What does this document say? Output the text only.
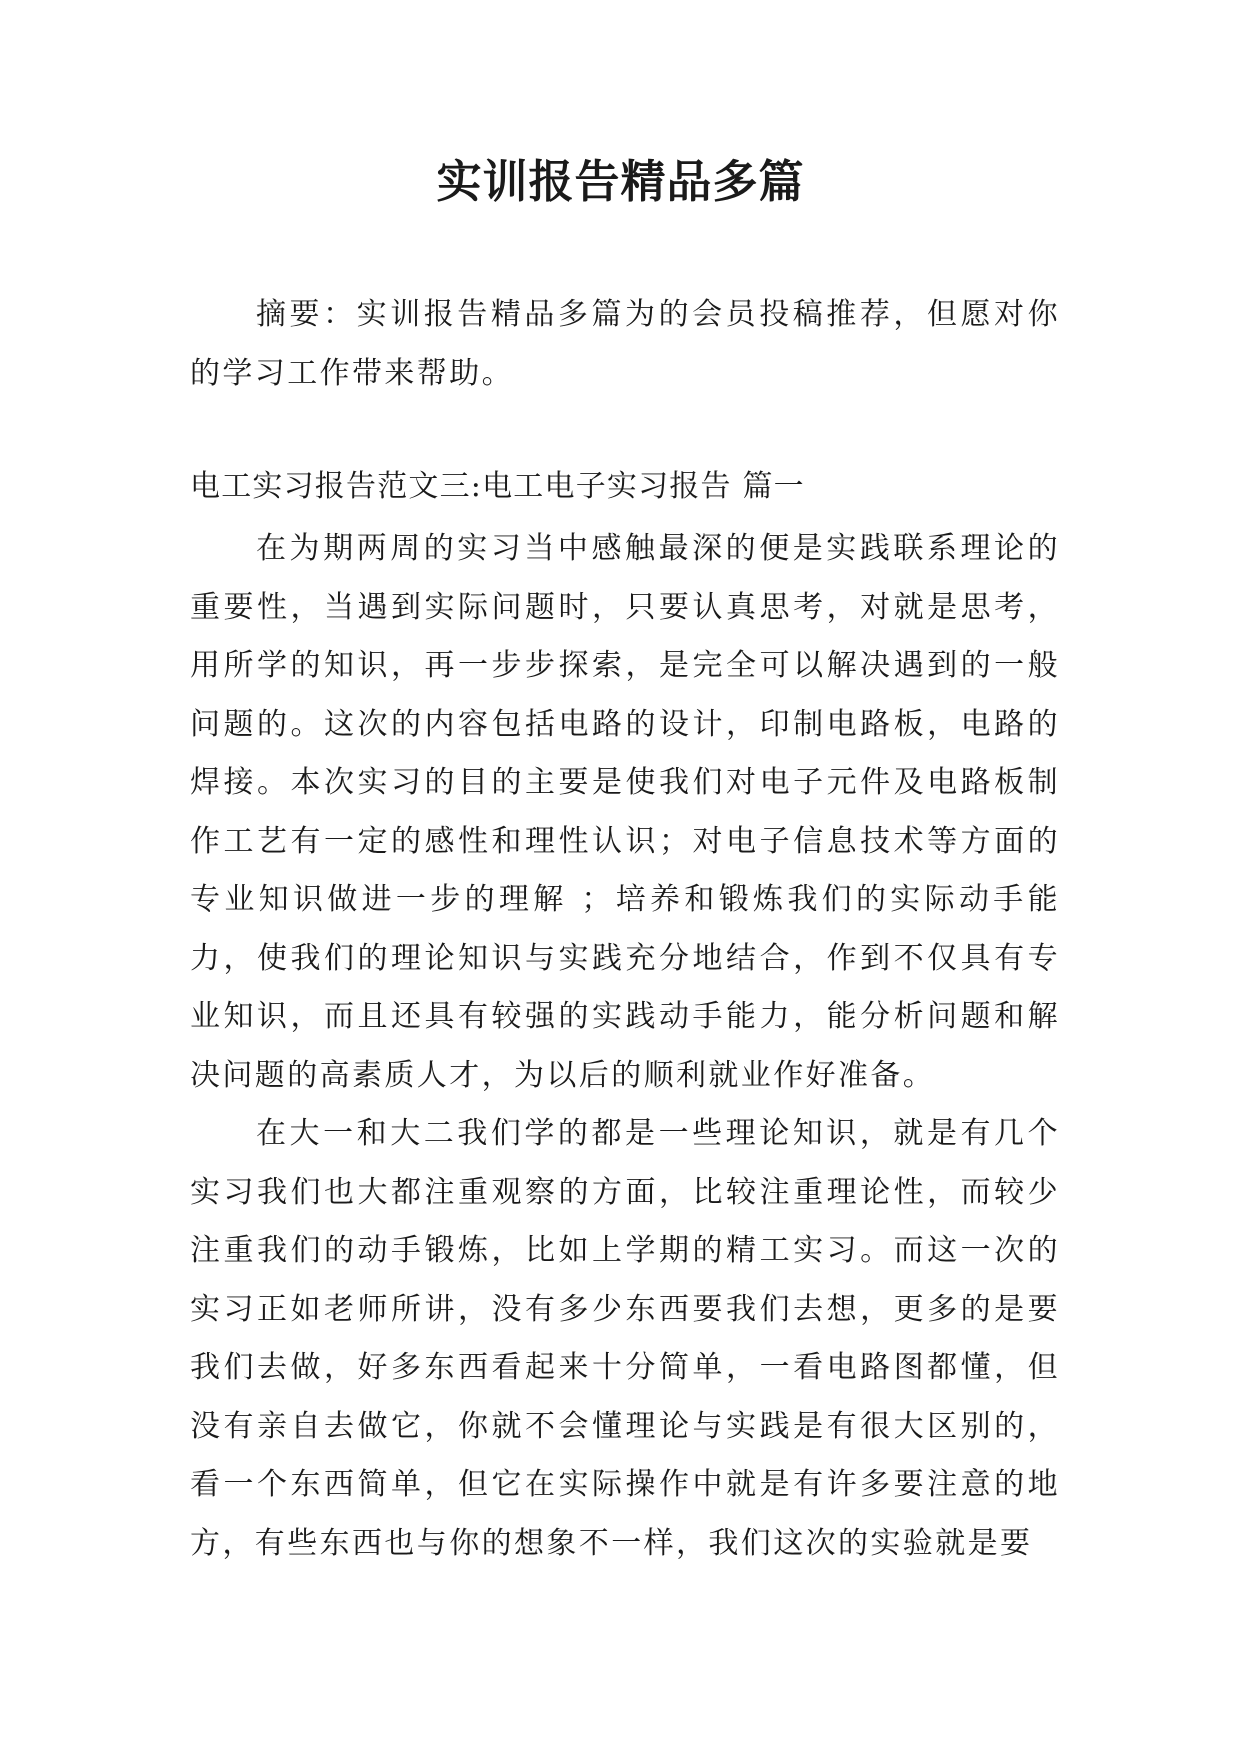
实训报告精品多篇

摘要：实训报告精品多篇为的会员投稿推荐，但愿对你的学习工作带来帮助。

电工实习报告范文三:电工电子实习报告 篇一

在为期两周的实习当中感触最深的便是实践联系理论的重要性，当遇到实际问题时，只要认真思考，对就是思考，用所学的知识，再一步步探索，是完全可以解决遇到的一般问题的。这次的内容包括电路的设计，印制电路板，电路的焊接。本次实习的目的主要是使我们对电子元件及电路板制作工艺有一定的感性和理性认识；对电子信息技术等方面的专业知识做进一步的理解 ；培养和锻炼我们的实际动手能力，使我们的理论知识与实践充分地结合，作到不仅具有专业知识，而且还具有较强的实践动手能力，能分析问题和解决问题的高素质人才，为以后的顺利就业作好准备。

在大一和大二我们学的都是一些理论知识，就是有几个实习我们也大都注重观察的方面，比较注重理论性，而较少注重我们的动手锻炼，比如上学期的精工实习。而这一次的实习正如老师所讲，没有多少东西要我们去想，更多的是要我们去做，好多东西看起来十分简单，一看电路图都懂，但没有亲自去做它，你就不会懂理论与实践是有很大区别的，看一个东西简单，但它在实际操作中就是有许多要注意的地方，有些东西也与你的想象不一样，我们这次的实验就是要
